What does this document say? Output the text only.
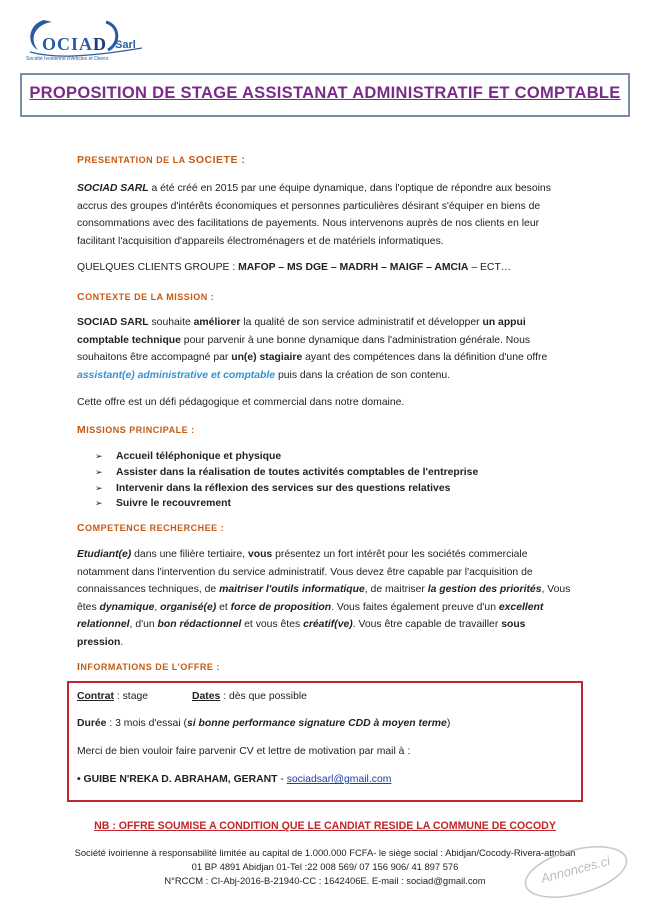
OCIAD Sarl
Société Ivoirienne d'Articles et Divers
PROPOSITION DE STAGE ASSISTANAT ADMINISTRATIF ET COMPTABLE
PRESENTATION DE LA SOCIETE :
SOCIAD SARL a été créé en 2015 par une équipe dynamique, dans l'optique de répondre aux besoins accrus des groupes d'intérêts économiques et personnes particulières désirant s'équiper en biens de consommations avec des facilitations de payements. Nous intervenons auprès de nos clients en leur facilitant l'acquisition d'appareils électroménagers et de matériels informatiques.
QUELQUES CLIENTS GROUPE : MAFOP – MS DGE – MADRH – MAIGF – AMCIA – ECT…
CONTEXTE DE LA MISSION :
SOCIAD SARL souhaite améliorer la qualité de son service administratif et développer un appui comptable technique pour parvenir à une bonne dynamique dans l'administration générale. Nous souhaitons être accompagné par un(e) stagiaire ayant des compétences dans la définition d'une offre assistant(e) administrative et comptable puis dans la création de son contenu.
Cette offre est un défi pédagogique et commercial dans notre domaine.
MISSIONS PRINCIPALE :
➢ Accueil téléphonique et physique
➢ Assister dans la réalisation de toutes activités comptables de l'entreprise
➢ Intervenir dans la réflexion des services sur des questions relatives
➢ Suivre le recouvrement
COMPETENCE RECHERCHEE :
Etudiant(e) dans une filière tertiaire, vous présentez un fort intérêt pour les sociétés commerciale notamment dans l'intervention du service administratif. Vous devez être capable par l'acquisition de connaissances techniques, de maitriser l'outils informatique, de maitriser la gestion des priorités, Vous êtes dynamique, organisé(e) et force de proposition. Vous faites également preuve d'un excellent relationnel, d'un bon rédactionnel et vous êtes créatif(ve). Vous être capable de travailler sous pression.
INFORMATIONS DE L'OFFRE :
Contrat : stage	Dates : dès que possible
Durée : 3 mois d'essai (si bonne performance signature CDD à moyen terme)
Merci de bien vouloir faire parvenir CV et lettre de motivation par mail à :
• GUIBE N'REKA D. ABRAHAM, GERANT - sociadsarl@gmail.com
NB : OFFRE SOUMISE A CONDITION QUE LE CANDIAT RESIDE LA COMMUNE DE COCODY
Société ivoirienne à responsabilité limitée au capital de 1.000.000 FCFA- le siège social : Abidjan/Cocody-Rivera-attoban
01 BP 4891 Abidjan 01-Tel :22 008 569/ 07 156 906/ 41 897 576
N°RCCM : CI-Abj-2016-B-21940-CC : 1642406E. E-mail : sociad@gmail.com	Annonces.ci
